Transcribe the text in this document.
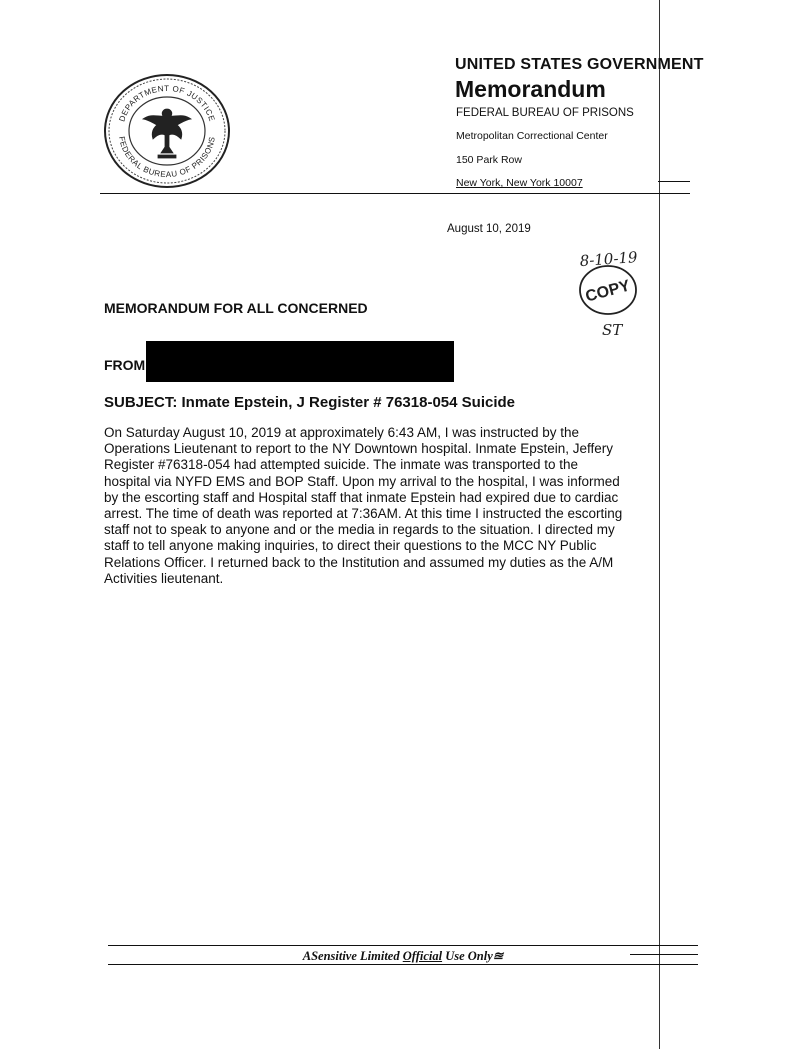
DEPARTMENT OF JUSTICE
FEDERAL BUREAU OF PRISONS
UNITED STATES GOVERNMENT
Memorandum
FEDERAL BUREAU OF PRISONS
Metropolitan Correctional Center
150 Park Row
New York, New York 10007
August 10, 2019
8-10-19
COPY
ST
MEMORANDUM FOR ALL CONCERNED
FROM
SUBJECT: Inmate Epstein, J Register # 76318-054 Suicide
On Saturday August 10, 2019 at approximately 6:43 AM, I was instructed by the
Operations Lieutenant to report to the NY Downtown hospital. Inmate Epstein, Jeffery
Register #76318-054 had attempted suicide. The inmate was transported to the
hospital via NYFD EMS and BOP Staff. Upon my arrival to the hospital, I was informed
by the escorting staff and Hospital staff that inmate Epstein had expired due to cardiac
arrest. The time of death was reported at 7:36AM. At this time I instructed the escorting
staff not to speak to anyone and or the media in regards to the situation. I directed my
staff to tell anyone making inquiries, to direct their questions to the MCC NY Public
Relations Officer. I returned back to the Institution and assumed my duties as the A/M
Activities lieutenant.
ASensitive Limited Official Use Only≊
